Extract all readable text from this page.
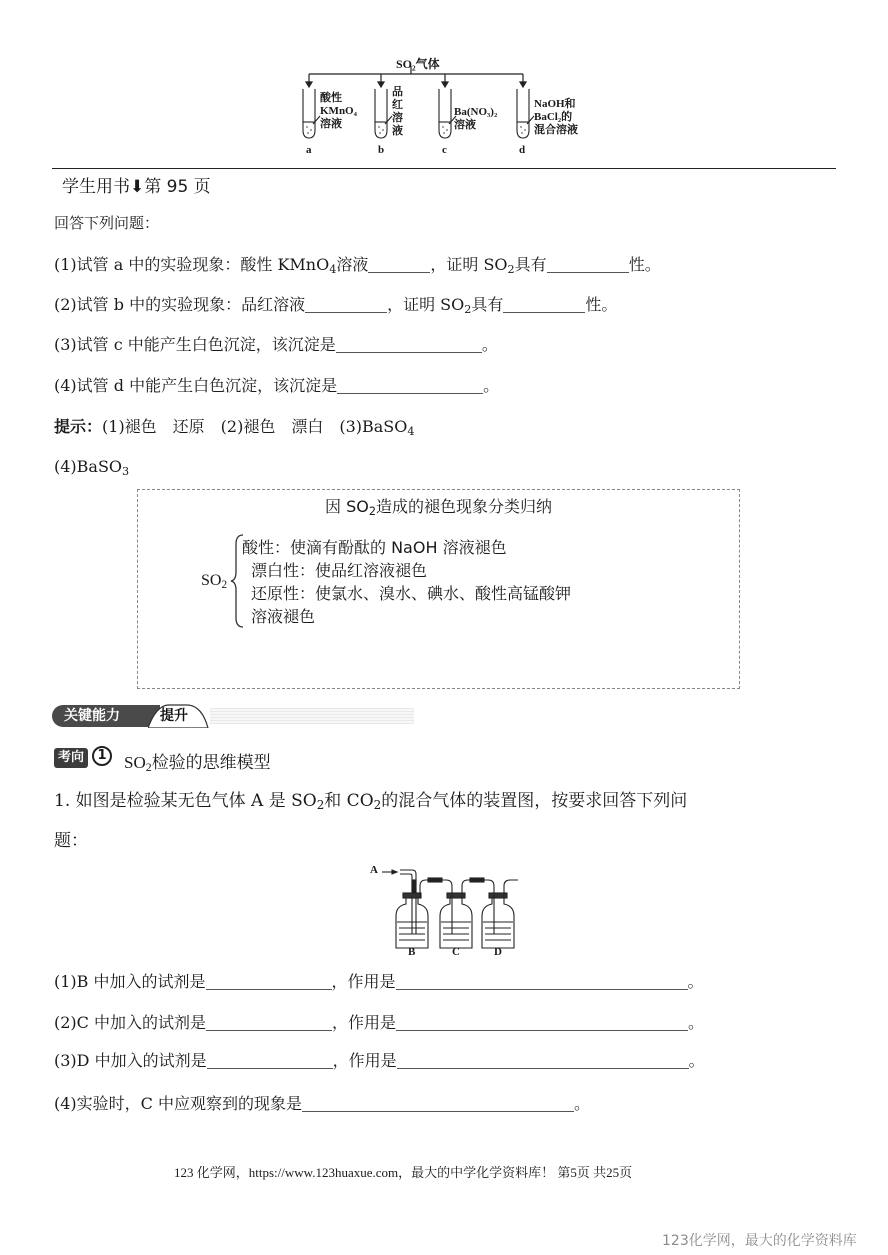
SO₂气体
酸性
KMnO₄
溶液
品
红
溶
液
Ba(NO₃)₂
溶液
NaOH和
BaCl₂的
混合溶液
a	b	c	d
学生用书⬇第 95 页
回答下列问题：
(1)试管 a 中的实验现象：酸性 KMnO$_4$溶液	，证明 $SO_2$具有	性。
(2)试管 b 中的实验现象：品红溶液	，证明 $SO_2$具有	性。
(3)试管 c 中能产生白色沉淀，该沉淀是	。
(4)试管 d 中能产生白色沉淀，该沉淀是	。
提示：(1)褪色　还原　(2)褪色　漂白　(3)BaSO$_4$
(4)BaSO$_3$
因 $SO_2$造成的褪色现象分类归纳
$SO_2$
酸性：使滴有酚酞的 NaOH 溶液褪色
漂白性：使品红溶液褪色
还原性：使氯水、溴水、碘水、酸性高锰酸钾
溶液褪色
关键能力	提升
考向	1	$SO_2$检验的思维模型
1. 如图是检验某无色气体 A 是 $SO_2$和 $CO_2$的混合气体的装置图，按要求回答下列问
题：
A
B	C	D
(1)B 中加入的试剂是	，作用是	。
(2)C 中加入的试剂是	，作用是	。
(3)D 中加入的试剂是	，作用是	。
(4)实验时，C 中应观察到的现象是	。
123 化学网，https://www.123huaxue.com，最大的中学化学资料库！ 第5页 共25页
123化学网，最大的化学资料库
